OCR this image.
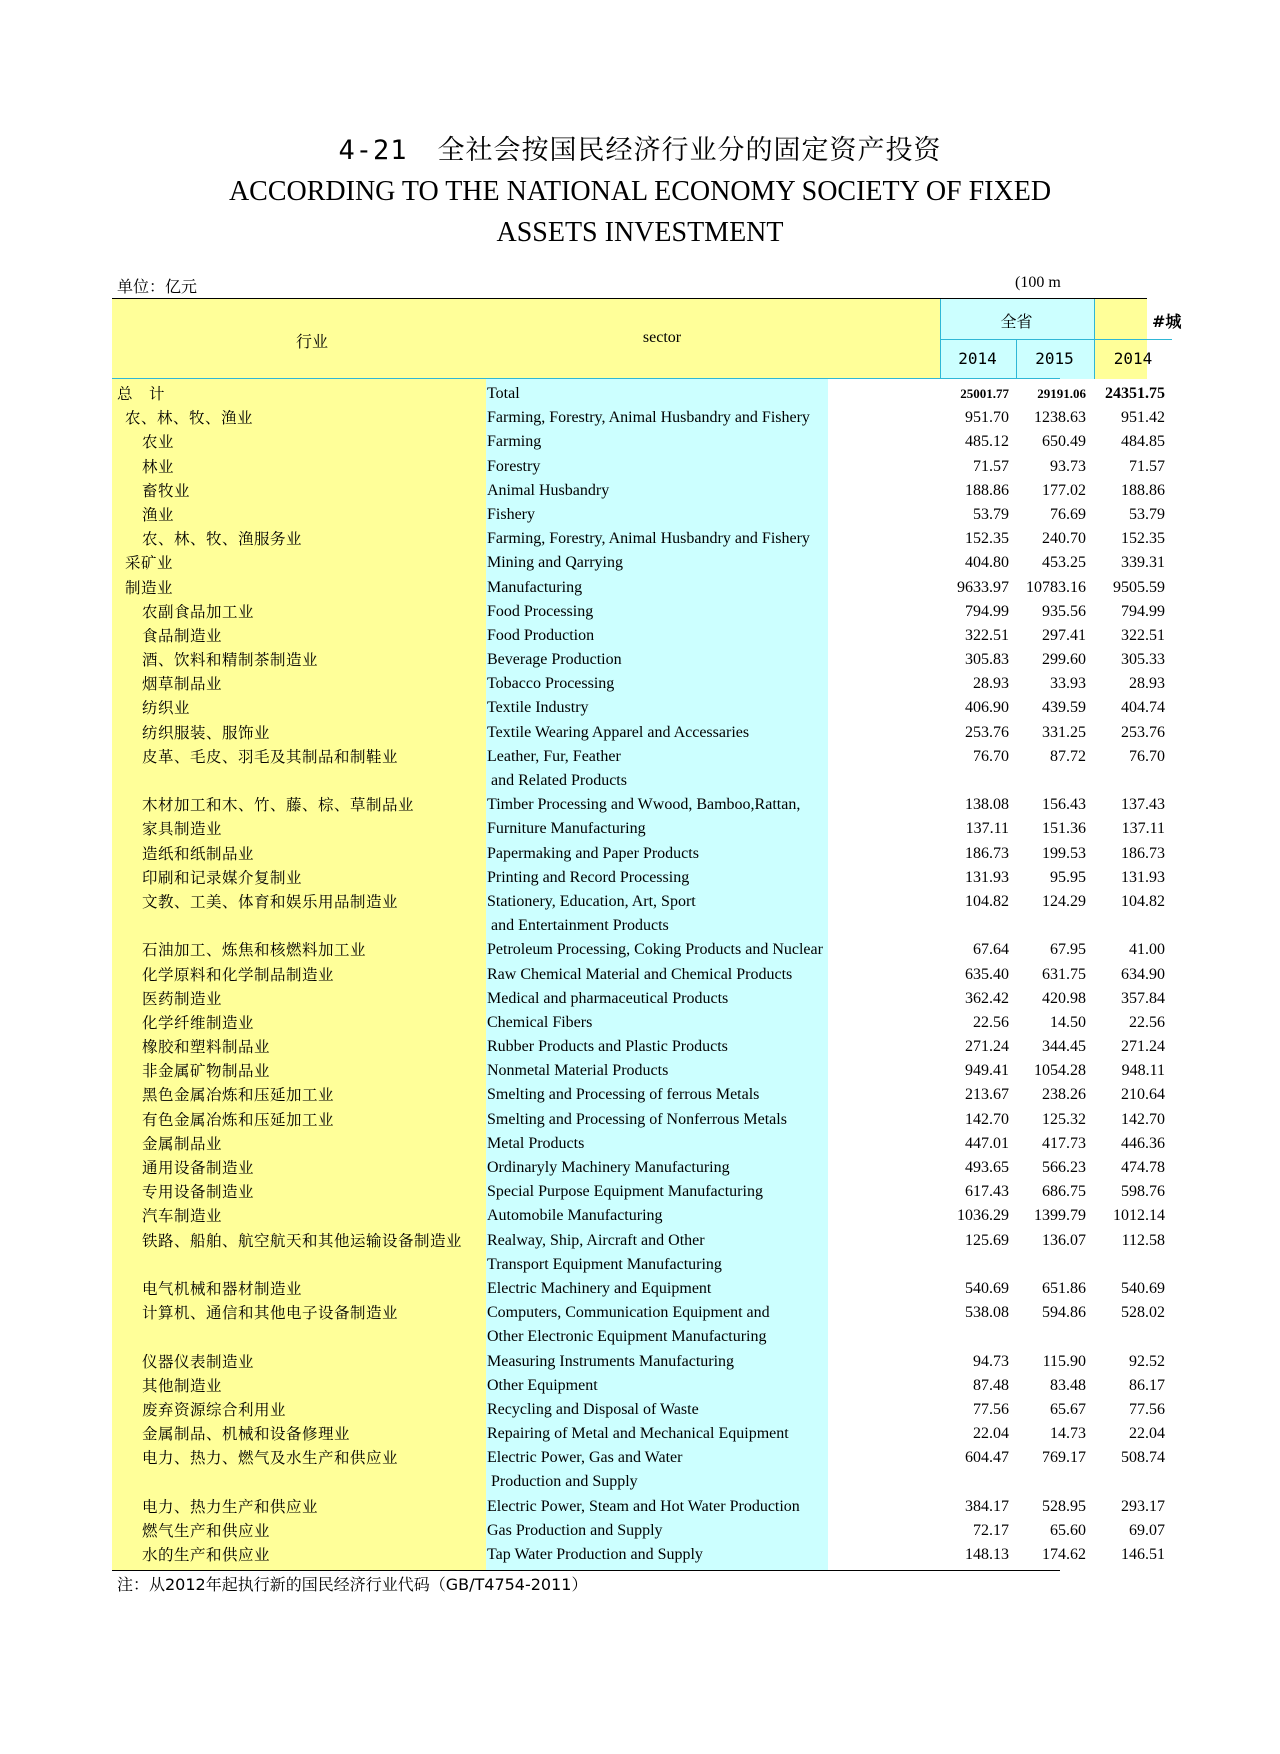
4-21 全社会按国民经济行业分的固定资产投资
ACCORDING TO THE NATIONAL ECONOMY SOCIETY OF FIXED
ASSETS INVESTMENT
单位：亿元	(100 m
行业	sector
全省
2014	2015
#城
2014
总　计	Total	25001.77	29191.06	24351.75
农、林、牧、渔业	Farming, Forestry, Animal Husbandry and Fishery	951.70	1238.63	951.42
农业	Farming	485.12	650.49	484.85
林业	Forestry	71.57	93.73	71.57
畜牧业	Animal Husbandry	188.86	177.02	188.86
渔业	Fishery	53.79	76.69	53.79
农、林、牧、渔服务业	Farming, Forestry, Animal Husbandry and Fishery	152.35	240.70	152.35
采矿业	Mining and Qarrying	404.80	453.25	339.31
制造业	Manufacturing	9633.97	10783.16	9505.59
农副食品加工业	Food Processing	794.99	935.56	794.99
食品制造业	Food Production	322.51	297.41	322.51
酒、饮料和精制茶制造业	Beverage Production	305.83	299.60	305.33
烟草制品业	Tobacco Processing	28.93	33.93	28.93
纺织业	Textile Industry	406.90	439.59	404.74
纺织服装、服饰业	Textile Wearing Apparel and Accessaries	253.76	331.25	253.76
皮革、毛皮、羽毛及其制品和制鞋业	Leather, Fur, Feather	76.70	87.72	76.70
and Related Products
木材加工和木、竹、藤、棕、草制品业	Timber Processing and Wwood, Bamboo,Rattan,	138.08	156.43	137.43
家具制造业	Furniture Manufacturing	137.11	151.36	137.11
造纸和纸制品业	Papermaking and Paper Products	186.73	199.53	186.73
印刷和记录媒介复制业	Printing and Record Processing	131.93	95.95	131.93
文教、工美、体育和娱乐用品制造业	Stationery, Education, Art, Sport	104.82	124.29	104.82
and Entertainment Products
石油加工、炼焦和核燃料加工业	Petroleum Processing, Coking Products and Nuclear	67.64	67.95	41.00
化学原料和化学制品制造业	Raw Chemical Material and Chemical Products	635.40	631.75	634.90
医药制造业	Medical and pharmaceutical Products	362.42	420.98	357.84
化学纤维制造业	Chemical Fibers	22.56	14.50	22.56
橡胶和塑料制品业	Rubber Products and Plastic Products	271.24	344.45	271.24
非金属矿物制品业	Nonmetal Material Products	949.41	1054.28	948.11
黑色金属冶炼和压延加工业	Smelting and Processing of ferrous Metals	213.67	238.26	210.64
有色金属冶炼和压延加工业	Smelting and Processing of Nonferrous Metals	142.70	125.32	142.70
金属制品业	Metal Products	447.01	417.73	446.36
通用设备制造业	Ordinaryly Machinery Manufacturing	493.65	566.23	474.78
专用设备制造业	Special Purpose Equipment Manufacturing	617.43	686.75	598.76
汽车制造业	Automobile Manufacturing	1036.29	1399.79	1012.14
铁路、船舶、航空航天和其他运输设备制造业	Realway, Ship, Aircraft and Other	125.69	136.07	112.58
Transport Equipment Manufacturing
电气机械和器材制造业	Electric Machinery and Equipment	540.69	651.86	540.69
计算机、通信和其他电子设备制造业	Computers, Communication Equipment and	538.08	594.86	528.02
Other Electronic Equipment Manufacturing
仪器仪表制造业	Measuring Instruments Manufacturing	94.73	115.90	92.52
其他制造业	Other Equipment	87.48	83.48	86.17
废弃资源综合利用业	Recycling and Disposal of Waste	77.56	65.67	77.56
金属制品、机械和设备修理业	Repairing of Metal and Mechanical Equipment	22.04	14.73	22.04
电力、热力、燃气及水生产和供应业	Electric Power, Gas and Water	604.47	769.17	508.74
Production and Supply
电力、热力生产和供应业	Electric Power, Steam and Hot Water Production	384.17	528.95	293.17
燃气生产和供应业	Gas Production and Supply	72.17	65.60	69.07
水的生产和供应业	Tap Water Production and Supply	148.13	174.62	146.51
注：从2012年起执行新的国民经济行业代码（GB/T4754-2011）
